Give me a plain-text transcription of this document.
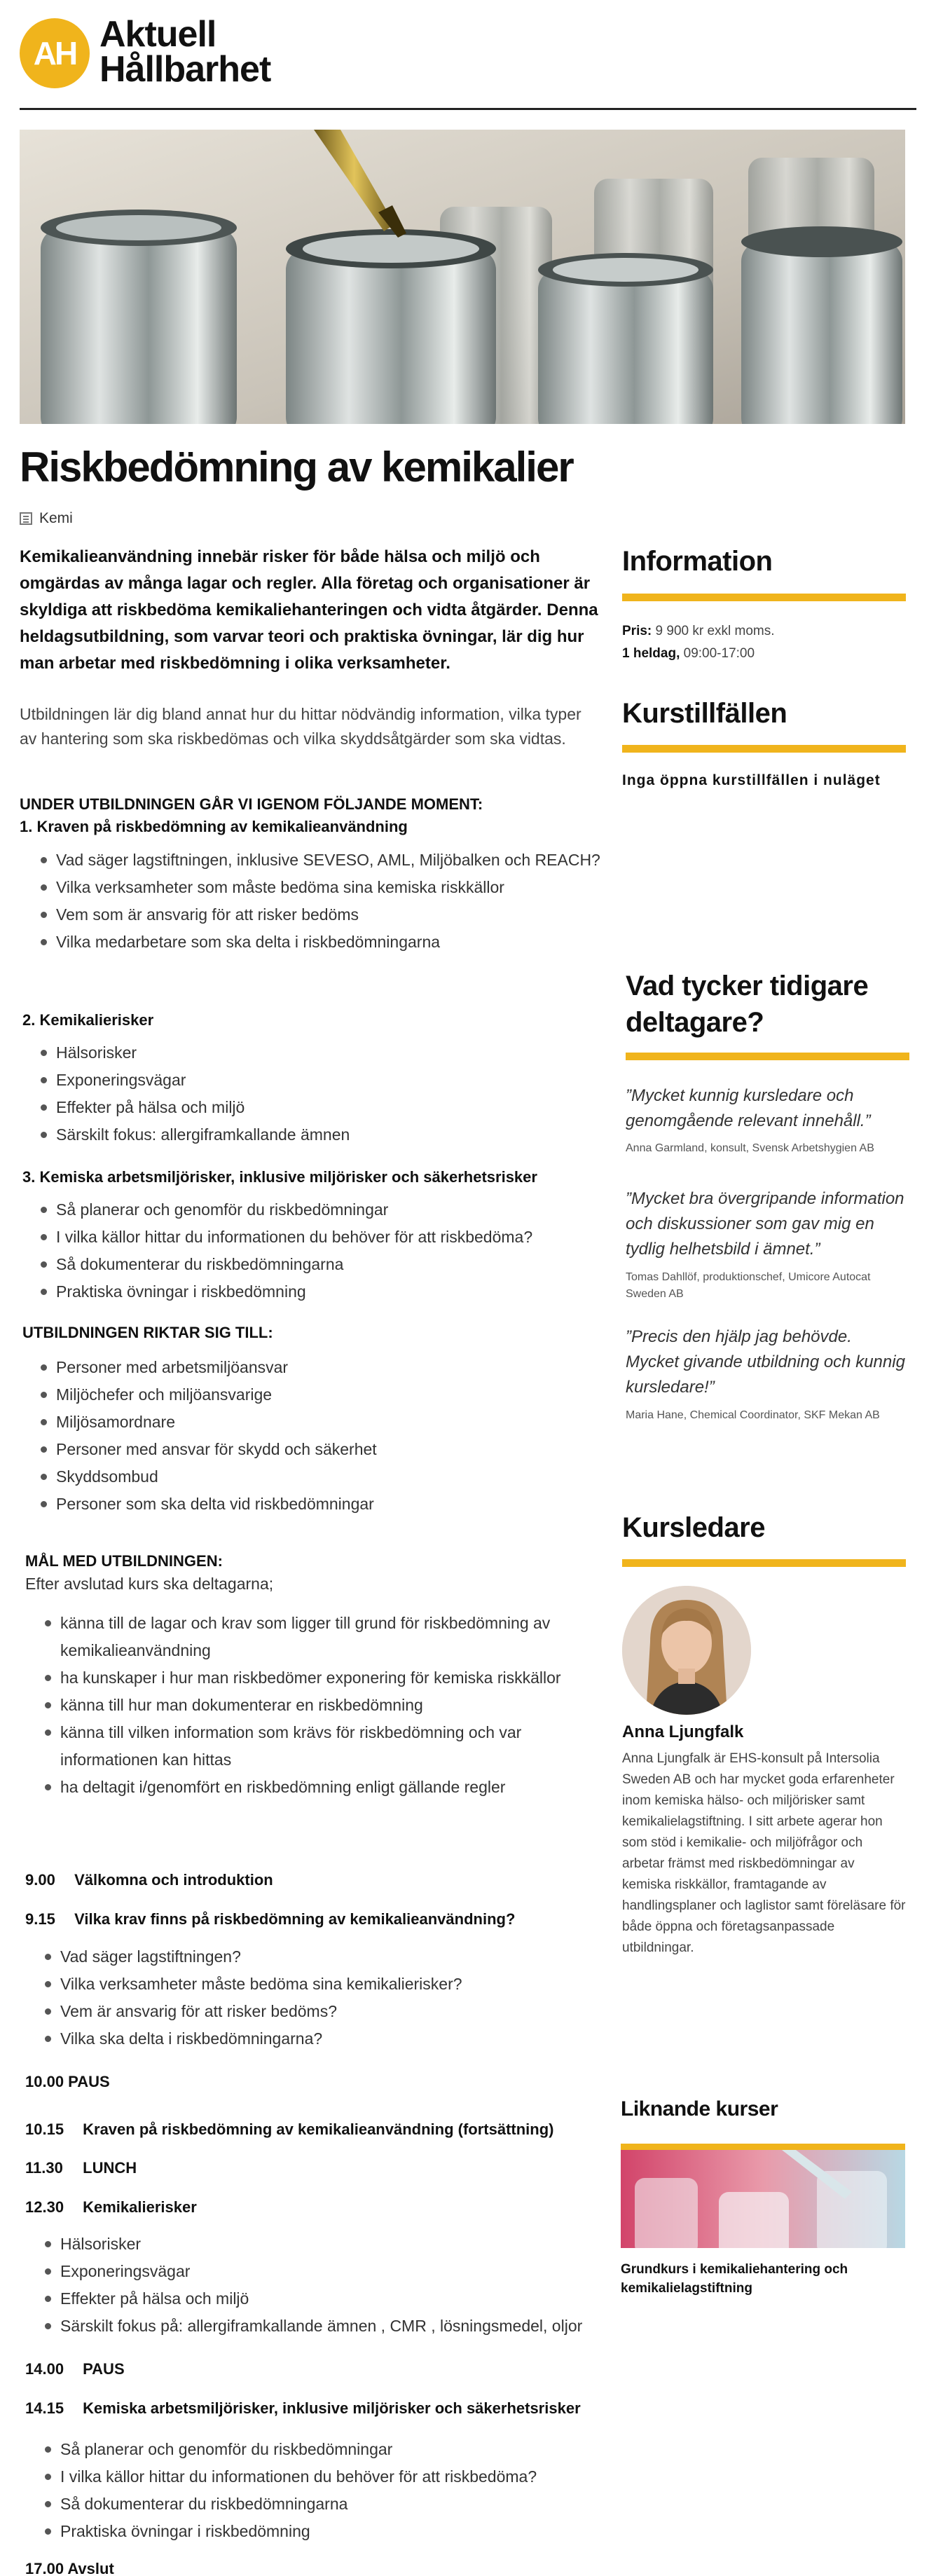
AH Aktuell
Hållbarhet
Riskbedömning av kemikalier
Kemi

Kemikalieanvändning innebär risker för både hälsa och miljö och omgärdas av många lagar och regler. Alla företag och organisationer är skyldiga att riskbedöma kemikaliehanteringen och vidta åtgärder. Denna heldagsutbildning, som varvar teori och praktiska övningar, lär dig hur man arbetar med riskbedömning i olika verksamheter.

Utbildningen lär dig bland annat hur du hittar nödvändig information, vilka typer av hantering som ska riskbedömas och vilka skyddsåtgärder som ska vidtas.

UNDER UTBILDNINGEN GÅR VI IGENOM FÖLJANDE MOMENT:
1. Kraven på riskbedömning av kemikalieanvändning
Vad säger lagstiftningen, inklusive SEVESO, AML, Miljöbalken och REACH?
Vilka verksamheter som måste bedöma sina kemiska riskkällor
Vem som är ansvarig för att risker bedöms
Vilka medarbetare som ska delta i riskbedömningarna
2. Kemikalierisker
Hälsorisker
Exponeringsvägar
Effekter på hälsa och miljö
Särskilt fokus: allergiframkallande ämnen
3. Kemiska arbetsmiljörisker, inklusive miljörisker och säkerhetsrisker
Så planerar och genomför du riskbedömningar
I vilka källor hittar du informationen du behöver för att riskbedöma?
Så dokumenterar du riskbedömningarna
Praktiska övningar i riskbedömning
UTBILDNINGEN RIKTAR SIG TILL:
Personer med arbetsmiljöansvar
Miljöchefer och miljöansvarige
Miljösamordnare
Personer med ansvar för skydd och säkerhet
Skyddsombud
Personer som ska delta vid riskbedömningar
MÅL MED UTBILDNINGEN:
Efter avslutad kurs ska deltagarna;
känna till de lagar och krav som ligger till grund för riskbedömning av kemikalieanvändning
ha kunskaper i hur man riskbedömer exponering för kemiska riskkällor
känna till hur man dokumenterar en riskbedömning
känna till vilken information som krävs för riskbedömning och var informationen kan hittas
ha deltagit i/genomfört en riskbedömning enligt gällande regler
9.00 Välkomna och introduktion
9.15 Vilka krav finns på riskbedömning av kemikalieanvändning?
Vad säger lagstiftningen?
Vilka verksamheter måste bedöma sina kemikalierisker?
Vem är ansvarig för att risker bedöms?
Vilka ska delta i riskbedömningarna?
10.00 PAUS
10.15 Kraven på riskbedömning av kemikalieanvändning (fortsättning)
11.30 LUNCH
12.30 Kemikalierisker
Hälsorisker
Exponeringsvägar
Effekter på hälsa och miljö
Särskilt fokus på: allergiframkallande ämnen , CMR , lösningsmedel, oljor
14.00 PAUS
14.15 Kemiska arbetsmiljörisker, inklusive miljörisker och säkerhetsrisker
Så planerar och genomför du riskbedömningar
I vilka källor hittar du informationen du behöver för att riskbedöma?
Så dokumenterar du riskbedömningarna
Praktiska övningar i riskbedömning
17.00 Avslut
Information
Pris: 9 900 kr exkl moms.
1 heldag, 09:00-17:00
Kurstillfällen
Inga öppna kurstillfällen i nuläget
Vad tycker tidigare deltagare?
”Mycket kunnig kursledare och genomgående relevant innehåll.”
Anna Garmland, konsult, Svensk Arbetshygien AB
”Mycket bra övergripande information och diskussioner som gav mig en tydlig helhetsbild i ämnet.”
Tomas Dahllöf, produktionschef, Umicore Autocat Sweden AB
”Precis den hjälp jag behövde. Mycket givande utbildning och kunnig kursledare!”
Maria Hane, Chemical Coordinator, SKF Mekan AB
Kursledare
Anna Ljungfalk
Anna Ljungfalk är EHS-konsult på Intersolia Sweden AB och har mycket goda erfarenheter inom kemiska hälso- och miljörisker samt kemikalielagstiftning. I sitt arbete agerar hon som stöd i kemikalie- och miljöfrågor och arbetar främst med riskbedömningar av kemiska riskkällor, framtagande av handlingsplaner och laglistor samt föreläsare för både öppna och företagsanpassade utbildningar.
Liknande kurser
Grundkurs i kemikaliehantering och kemikalielagstiftning
